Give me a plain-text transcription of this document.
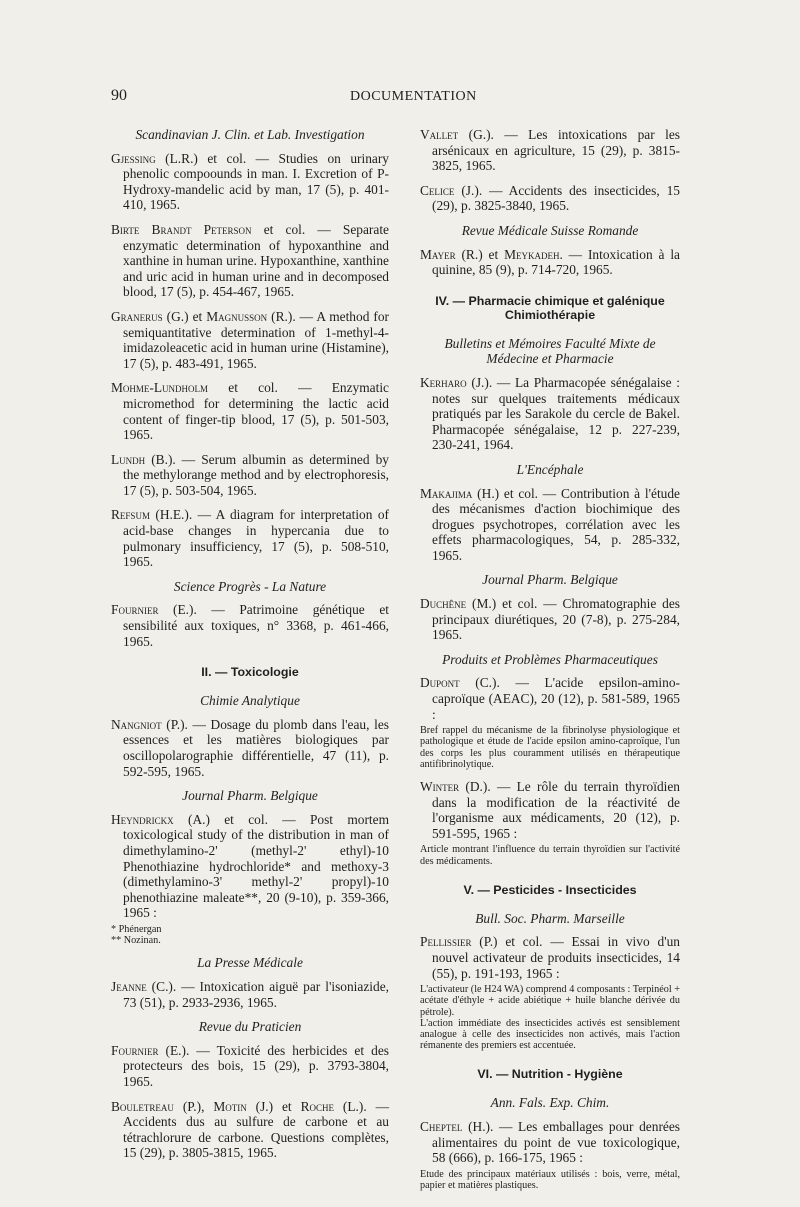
90	DOCUMENTATION
Scandinavian J. Clin. et Lab. Investigation
Gjessing (L.R.) et col. — Studies on urinary phenolic compoounds in man. I. Excretion of P-Hydroxy-mandelic acid by man, 17 (5), p. 401-410, 1965.
Birte Brandt Peterson et col. — Separate enzymatic determination of hypoxanthine and xanthine in human urine. Hypoxanthine, xanthine and uric acid in human urine and in decomposed blood, 17 (5), p. 454-467, 1965.
Granerus (G.) et Magnusson (R.). — A method for semiquantitative determination of 1-methyl-4-imidazoleacetic acid in human urine (Histamine), 17 (5), p. 483-491, 1965.
Mohme-Lundholm et col. — Enzymatic micromethod for determining the lactic acid content of finger-tip blood, 17 (5), p. 501-503, 1965.
Lundh (B.). — Serum albumin as determined by the methylorange method and by electrophoresis, 17 (5), p. 503-504, 1965.
Refsum (H.E.). — A diagram for interpretation of acid-base changes in hypercania due to pulmonary insufficiency, 17 (5), p. 508-510, 1965.
Science Progrès - La Nature
Fournier (E.). — Patrimoine génétique et sensibilité aux toxiques, n° 3368, p. 461-466, 1965.
II. — Toxicologie
Chimie Analytique
Nangniot (P.). — Dosage du plomb dans l'eau, les essences et les matières biologiques par oscillopolarographie différentielle, 47 (11), p. 592-595, 1965.
Journal Pharm. Belgique
Heyndrickx (A.) et col. — Post mortem toxicological study of the distribution in man of dimethylamino-2' (methyl-2' ethyl)-10 Phenothiazine hydrochloride* and methoxy-3 (dimethylamino-3' methyl-2' propyl)-10 phenothiazine maleate**, 20 (9-10), p. 359-366, 1965 :
* Phénergan
** Nozinan.
La Presse Médicale
Jeanne (C.). — Intoxication aiguë par l'isoniazide, 73 (51), p. 2933-2936, 1965.
Revue du Praticien
Fournier (E.). — Toxicité des herbicides et des protecteurs des bois, 15 (29), p. 3793-3804, 1965.
Bouletreau (P.), Motin (J.) et Roche (L.). — Accidents dus au sulfure de carbone et au tétrachlorure de carbone. Questions complètes, 15 (29), p. 3805-3815, 1965.
Vallet (G.). — Les intoxications par les arsénicaux en agriculture, 15 (29), p. 3815-3825, 1965.
Celice (J.). — Accidents des insecticides, 15 (29), p. 3825-3840, 1965.
Revue Médicale Suisse Romande
Mayer (R.) et Meykadeh. — Intoxication à la quinine, 85 (9), p. 714-720, 1965.
IV. — Pharmacie chimique et galénique
Chimiothérapie
Bulletins et Mémoires Faculté Mixte de Médecine et Pharmacie
Kerharo (J.). — La Pharmacopée sénégalaise : notes sur quelques traitements médicaux pratiqués par les Sarakole du cercle de Bakel. Pharmacopée sénégalaise, 12 p. 227-239, 230-241, 1964.
L'Encéphale
Makajima (H.) et col. — Contribution à l'étude des mécanismes d'action biochimique des drogues psychotropes, corrélation avec les effets pharmacologiques, 54, p. 285-332, 1965.
Journal Pharm. Belgique
Duchêne (M.) et col. — Chromatographie des principaux diurétiques, 20 (7-8), p. 275-284, 1965.
Produits et Problèmes Pharmaceutiques
Dupont (C.). — L'acide epsilon-amino-caproïque (AEAC), 20 (12), p. 581-589, 1965 :
Bref rappel du mécanisme de la fibrinolyse physiologique et pathologique et étude de l'acide epsilon amino-caproïque, l'un des corps les plus couramment utilisés en thérapeutique antifibrinolytique.
Winter (D.). — Le rôle du terrain thyroïdien dans la modification de la réactivité de l'organisme aux médicaments, 20 (12), p. 591-595, 1965 :
Article montrant l'influence du terrain thyroïdien sur l'activité des médicaments.
V. — Pesticides - Insecticides
Bull. Soc. Pharm. Marseille
Pellissier (P.) et col. — Essai in vivo d'un nouvel activateur de produits insecticides, 14 (55), p. 191-193, 1965 :
L'activateur (le H24 WA) comprend 4 composants : Terpinéol + acétate d'éthyle + acide abiétique + huile blanche dérivée du pétrole).
L'action immédiate des insecticides activés est sensiblement analogue à celle des insecticides non activés, mais l'action rémanente des premiers est accentuée.
VI. — Nutrition - Hygiène
Ann. Fals. Exp. Chim.
Cheptel (H.). — Les emballages pour denrées alimentaires du point de vue toxicologique, 58 (666), p. 166-175, 1965 :
Etude des principaux matériaux utilisés : bois, verre, métal, papier et matières plastiques.
